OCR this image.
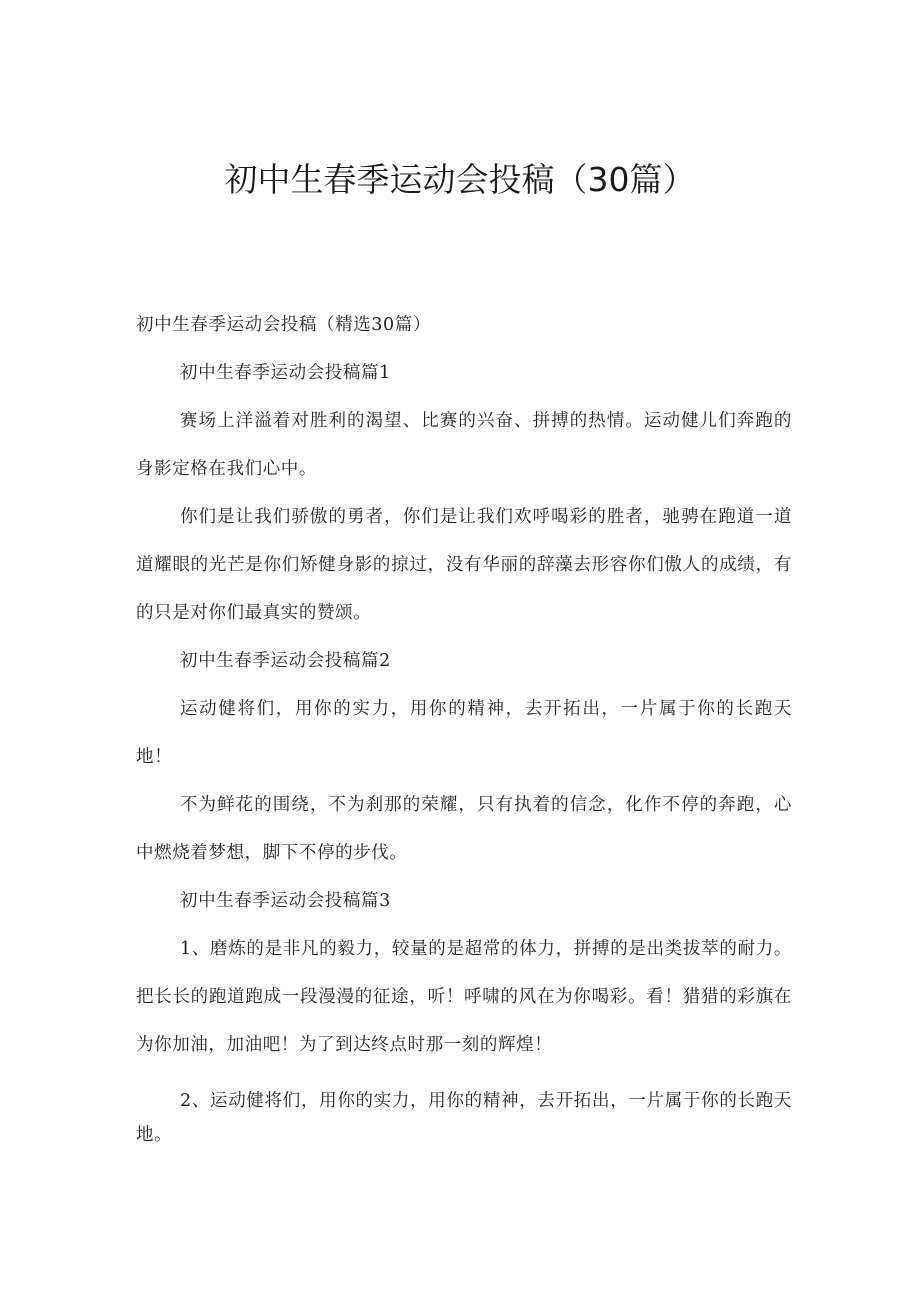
初中生春季运动会投稿（30篇）

初中生春季运动会投稿（精选30篇）

初中生春季运动会投稿篇1

赛场上洋溢着对胜利的渴望、比赛的兴奋、拼搏的热情。运动健儿们奔跑的身影定格在我们心中。

你们是让我们骄傲的勇者，你们是让我们欢呼喝彩的胜者，驰骋在跑道一道道耀眼的光芒是你们矫健身影的掠过，没有华丽的辞藻去形容你们傲人的成绩，有的只是对你们最真实的赞颂。

初中生春季运动会投稿篇2

运动健将们，用你的实力，用你的精神，去开拓出，一片属于你的长跑天地！

不为鲜花的围绕，不为刹那的荣耀，只有执着的信念，化作不停的奔跑，心中燃烧着梦想，脚下不停的步伐。

初中生春季运动会投稿篇3

1、磨炼的是非凡的毅力，较量的是超常的体力，拼搏的是出类拔萃的耐力。把长长的跑道跑成一段漫漫的征途，听！呼啸的风在为你喝彩。看！猎猎的彩旗在为你加油，加油吧！为了到达终点时那一刻的辉煌！

2、运动健将们，用你的实力，用你的精神，去开拓出，一片属于你的长跑天地。
